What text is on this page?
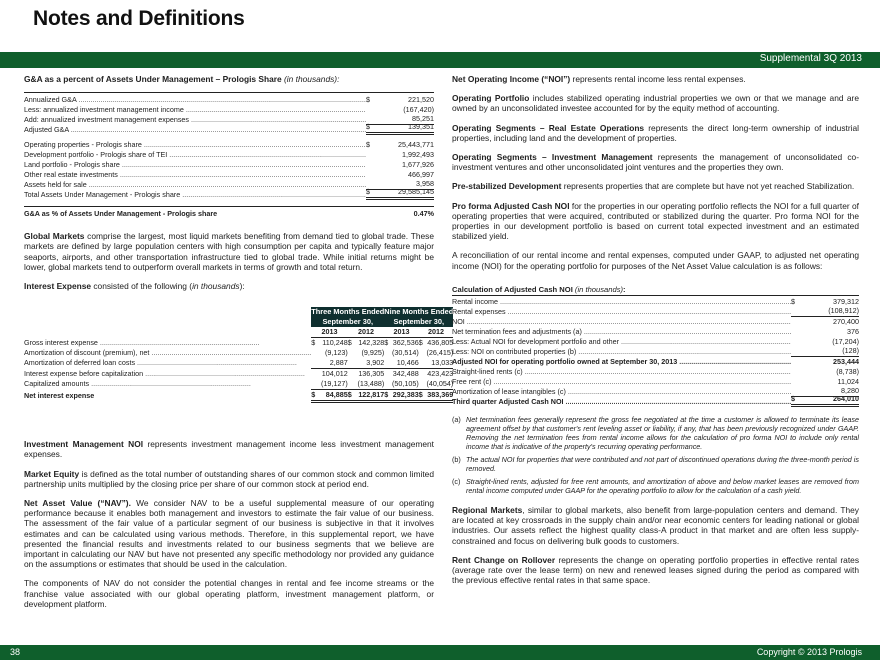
Notes and Definitions
Supplemental 3Q 2013
G&A as a percent of Assets Under Management – Prologis Share (in thousands):
Annualized G&A .....	$	221,520
Less: annualized investment management income .....	(167,420)
Add: annualized investment management expenses .....	85,251
Adjusted G&A .....	$	139,351
Operating properties - Prologis share .....	$	25,443,771
Development portfolio - Prologis share of TEI .....	1,992,493
Land portfolio - Prologis share .....	1,677,926
Other real estate investments .....	466,997
Assets held for sale .....	3,958
Total Assets Under Management - Prologis share .....	$	29,585,145
G&A as % of Assets Under Management - Prologis share	0.47%
Global Markets comprise the largest, most liquid markets benefiting from demand tied to global trade. These markets are defined by large population centers with high consumption per capita and typically feature major seaports, airports, and other transportation infrastructure tied to global trade. While initial returns might be lower, global markets tend to outperform overall markets in terms of growth and total return.
Interest Expense consisted of the following (in thousands):
	Three Months Ended				Nine Months Ended			
	September 30,				September 30,			
	2013		2012		2013		2012	
Gross interest expense ................................................................................	$	110,248	$	142,328	$	362,536	$	436,805
Amortization of discount (premium), net ................................................................................		(9,123)		(9,925)		(30,514)		(26,415)
Amortization of deferred loan costs ................................................................................		2,887		3,902		10,466		13,033
Interest expense before capitalization ................................................................................		104,012		136,305		342,488		423,423
Capitalized amounts ................................................................................		(19,127)		(13,488)		(50,105)		(40,054)
Net interest expense	$	84,885	$	122,817	$	292,383	$	383,369
Investment Management NOI represents investment management income less investment management expenses.
Market Equity is defined as the total number of outstanding shares of our common stock and common limited partnership units multiplied by the closing price per share of our common stock at period end.
Net Asset Value (“NAV”). We consider NAV to be a useful supplemental measure of our operating performance because it enables both management and investors to estimate the fair value of our business. The assessment of the fair value of a particular segment of our business is subjective in that it involves estimates and can be calculated using various methods. Therefore, in this supplemental report, we have presented the financial results and investments related to our business segments that we believe are important in calculating our NAV but have not presented any specific methodology nor provided any guidance on the assumptions or estimates that should be used in the calculation.
The components of NAV do not consider the potential changes in rental and fee income streams or the franchise value associated with our global operating platform, investment management platform, or development platform.
Net Operating Income (“NOI”) represents rental income less rental expenses.
Operating Portfolio includes stabilized operating industrial properties we own or that we manage and are owned by an unconsolidated investee accounted for by the equity method of accounting.
Operating Segments – Real Estate Operations represents the direct long-term ownership of industrial properties, including land and the development of properties.
Operating Segments – Investment Management represents the management of unconsolidated co-investment ventures and other unconsolidated joint ventures and the properties they own.
Pre-stabilized Development represents properties that are complete but have not yet reached Stabilization.
Pro forma Adjusted Cash NOI for the properties in our operating portfolio reflects the NOI for a full quarter of operating properties that were acquired, contributed or stabilized during the quarter. Pro forma NOI for the properties in our development portfolio is based on current total expected investment and an estimated stabilized yield.
A reconciliation of our rental income and rental expenses, computed under GAAP, to adjusted net operating income (NOI) for the operating portfolio for purposes of the Net Asset Value calculation is as follows:
Calculation of Adjusted Cash NOI (in thousands):
Rental income .....	$	379,312
Rental expenses .....	(108,912)
NOI .....	270,400
Net termination fees and adjustments (a) .....	376
Less: Actual NOI for development portfolio and other .....	(17,204)
Less: NOI on contributed properties (b) .....	(128)
Adjusted NOI for operating portfolio owned at September 30, 2013 .....	253,444
Straight-lined rents (c) .....	(8,738)
Free rent (c) .....	11,024
Amortization of lease intangibles (c) .....	8,280
Third quarter Adjusted Cash NOI .....	$	264,010
(a) Net termination fees generally represent the gross fee negotiated at the time a customer is allowed to terminate its lease agreement offset by that customer's rent leveling asset or liability, if any, that has been previously recognized under GAAP. Removing the net termination fees from rental income allows for the calculation of pro forma NOI to include only rental income that is indicative of the property's recurring operating performance.
(b) The actual NOI for properties that were contributed and not part of discontinued operations during the three-month period is removed.
(c) Straight-lined rents, adjusted for free rent amounts, and amortization of above and below market leases are removed from rental income computed under GAAP for the operating portfolio to allow for the calculation of a cash yield.
Regional Markets, similar to global markets, also benefit from large-population centers and demand. They are located at key crossroads in the supply chain and/or near economic centers for leading national or global industries. Our assets reflect the highest quality class-A product in that market and are often less supply- constrained and focus on delivering bulk goods to customers.
Rent Change on Rollover represents the change on operating portfolio properties in effective rental rates (average rate over the lease term) on new and renewed leases signed during the period as compared with the previous effective rental rates in that same space.
38	Copyright © 2013 Prologis
